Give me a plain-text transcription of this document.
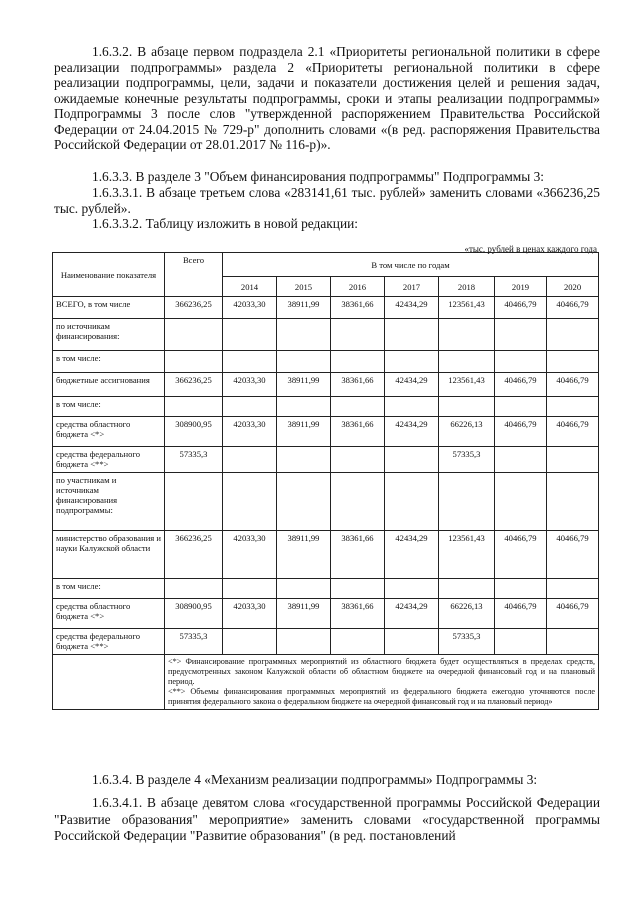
1.6.3.2. В абзаце первом подраздела 2.1 «Приоритеты региональной политики в сфере реализации подпрограммы» раздела 2 «Приоритеты региональной политики в сфере реализации подпрограммы, цели, задачи и показатели достижения целей и решения задач, ожидаемые конечные результаты подпрограммы, сроки и этапы реализации подпрограммы» Подпрограммы 3 после слов "утвержденной распоряжением Правительства Российской Федерации от 24.04.2015 № 729-р" дополнить словами «(в ред. распоряжения Правительства Российской Федерации от 28.01.2017 № 116-р)».

1.6.3.3. В разделе 3 "Объем финансирования подпрограммы" Подпрограммы 3:

1.6.3.3.1. В абзаце третьем слова «283141,61 тыс. рублей» заменить словами «366236,25 тыс. рублей».

1.6.3.3.2. Таблицу изложить в новой редакции:

«тыс. рублей в ценах каждого года
Наименование показателя	Всего	В том числе по годам						
		2014	2015	2016	2017	2018	2019	2020
ВСЕГО, в том числе	366236,25	42033,30	38911,99	38361,66	42434,29	123561,43	40466,79	40466,79
по источникам финансирования:								
в том числе:								
бюджетные ассигнования	366236,25	42033,30	38911,99	38361,66	42434,29	123561,43	40466,79	40466,79
в том числе:								
средства областного бюджета <*>	308900,95	42033,30	38911,99	38361,66	42434,29	66226,13	40466,79	40466,79
средства федерального бюджета <**>	57335,3					57335,3		
по участникам и источникам финансирования подпрограммы:								
министерство образования и науки Калужской области	366236,25	42033,30	38911,99	38361,66	42434,29	123561,43	40466,79	40466,79
в том числе:								
средства областного бюджета <*>	308900,95	42033,30	38911,99	38361,66	42434,29	66226,13	40466,79	40466,79
средства федерального бюджета <**>	57335,3					57335,3		

	<*> Финансирование программных мероприятий из областного бюджета будет осуществляться в пределах средств, предусмотренных законом Калужской области об областном бюджете на очередной финансовый год и на плановый период.
<**> Объемы финансирования программных мероприятий из федерального бюджета ежегодно уточняются после принятия федерального закона о федеральном бюджете на очередной финансовый год и на плановый период»							

1.6.3.4. В разделе 4 «Механизм реализации подпрограммы» Подпрограммы 3:

1.6.3.4.1. В абзаце девятом слова «государственной программы Российской Федерации "Развитие образования" мероприятие» заменить словами «государственной программы Российской Федерации "Развитие образования" (в ред. постановлений
